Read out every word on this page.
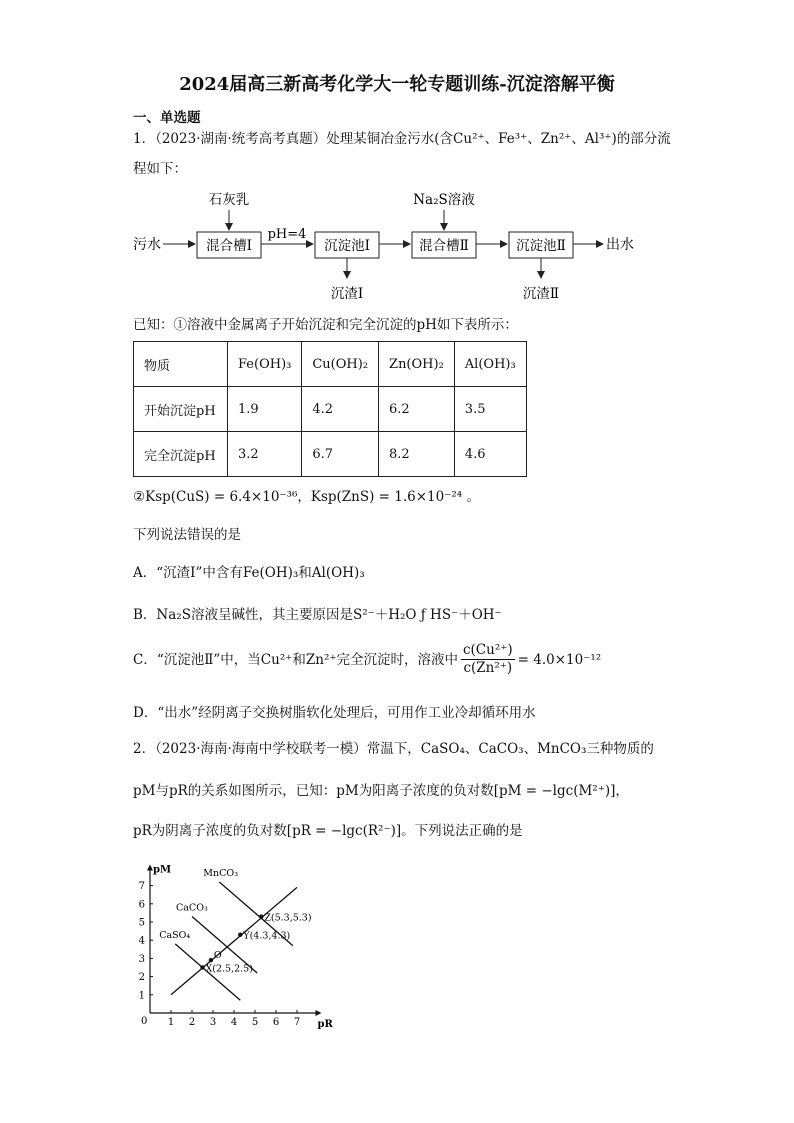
2024届高三新高考化学大一轮专题训练-沉淀溶解平衡
一、单选题
1．（2023·湖南·统考高考真题）处理某铜冶金污水(含Cu²⁺、Fe³⁺、Zn²⁺、Al³⁺)的部分流
程如下：
污水	混合槽Ⅰ
石灰乳
pH=4
沉淀池Ⅰ
沉渣Ⅰ
混合槽Ⅱ
Na₂S溶液
沉淀池Ⅱ
沉渣Ⅱ
出水
已知：①溶液中金属离子开始沉淀和完全沉淀的pH如下表所示：
物质	Fe(OH)₃	Cu(OH)₂	Zn(OH)₂	Al(OH)₃
开始沉淀pH	1.9	4.2	6.2	3.5
完全沉淀pH	3.2	6.7	8.2	4.6
②Ksp(CuS) = 6.4×10⁻³⁶，Ksp(ZnS) = 1.6×10⁻²⁴ 。
下列说法错误的是
A．“沉渣Ⅰ”中含有Fe(OH)₃和Al(OH)₃
B．Na₂S溶液呈碱性，其主要原因是S²⁻＋H₂O ƒ HS⁻＋OH⁻
C．“沉淀池Ⅱ”中，当Cu²⁺和Zn²⁺完全沉淀时，溶液中 $\frac{\text{c(Cu²⁺)}}{\text{c(Zn²⁺)}} = 4.0\times 10^{-12}$
D．“出水”经阴离子交换树脂软化处理后，可用作工业冷却循环用水
2．（2023·海南·海南中学校联考一模）常温下，CaSO₄、CaCO₃、MnCO₃三种物质的
pM与pR的关系如图所示，已知：pM为阳离子浓度的负对数[pM = −lgc(M²⁺)]，
pR为阴离子浓度的负对数[pR = −lgc(R²⁻)]。下列说法正确的是
pR
pM
0 1 2 3 4 5 6 7
1
2
3
4
5
6
7
CaSO₄
CaCO₃
MnCO₃
X(2.5,2.5)
Y(4.3,4.3)
Z(5.3,5.3)
O
